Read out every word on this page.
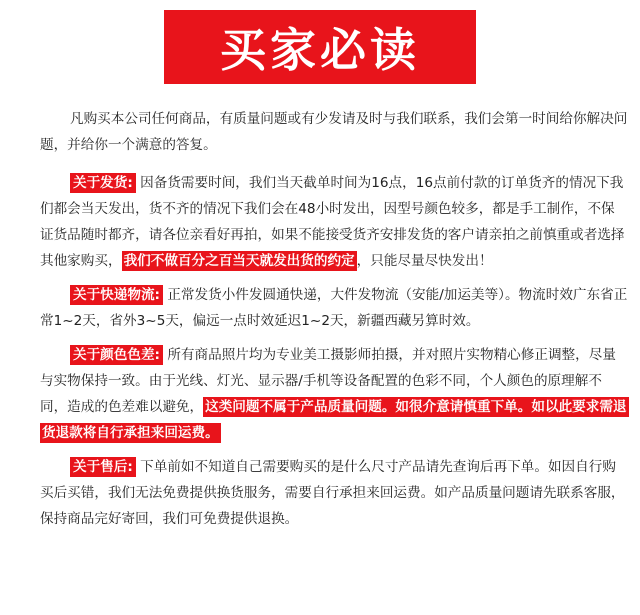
买家必读

凡购买本公司任何商品，有质量问题或有少发请及时与我们联系，我们会第一时间给你解决问题，并给你一个满意的答复。

关于发货: 因备货需要时间，我们当天截单时间为16点，16点前付款的订单货齐的情况下我们都会当天发出，货不齐的情况下我们会在48小时发出，因型号颜色较多，都是手工制作，不保证货品随时都齐，请各位亲看好再拍，如果不能接受货齐安排发货的客户请亲拍之前慎重或者选择其他家购买， 我们不做百分之百当天就发出货的约定 ，只能尽量尽快发出！

关于快递物流: 正常发货小件发圆通快递，大件发物流（安能/加运美等）。物流时效广东省正常1~2天，省外3~5天，偏远一点时效延迟1~2天，新疆西藏另算时效。

关于颜色色差: 所有商品照片均为专业美工摄影师拍摄，并对照片实物精心修正调整，尽量与实物保持一致。由于光线、灯光、显示器/手机等设备配置的色彩不同，个人颜色的原理解不同，造成的色差难以避免， 这类问题不属于产品质量问题。如很介意请慎重下单。如以此要求需退货退款将自行承担来回运费。

关于售后: 下单前如不知道自己需要购买的是什么尺寸产品请先查询后再下单。如因自行购买后买错，我们无法免费提供换货服务，需要自行承担来回运费。如产品质量问题请先联系客服，保持商品完好寄回，我们可免费提供退换。
